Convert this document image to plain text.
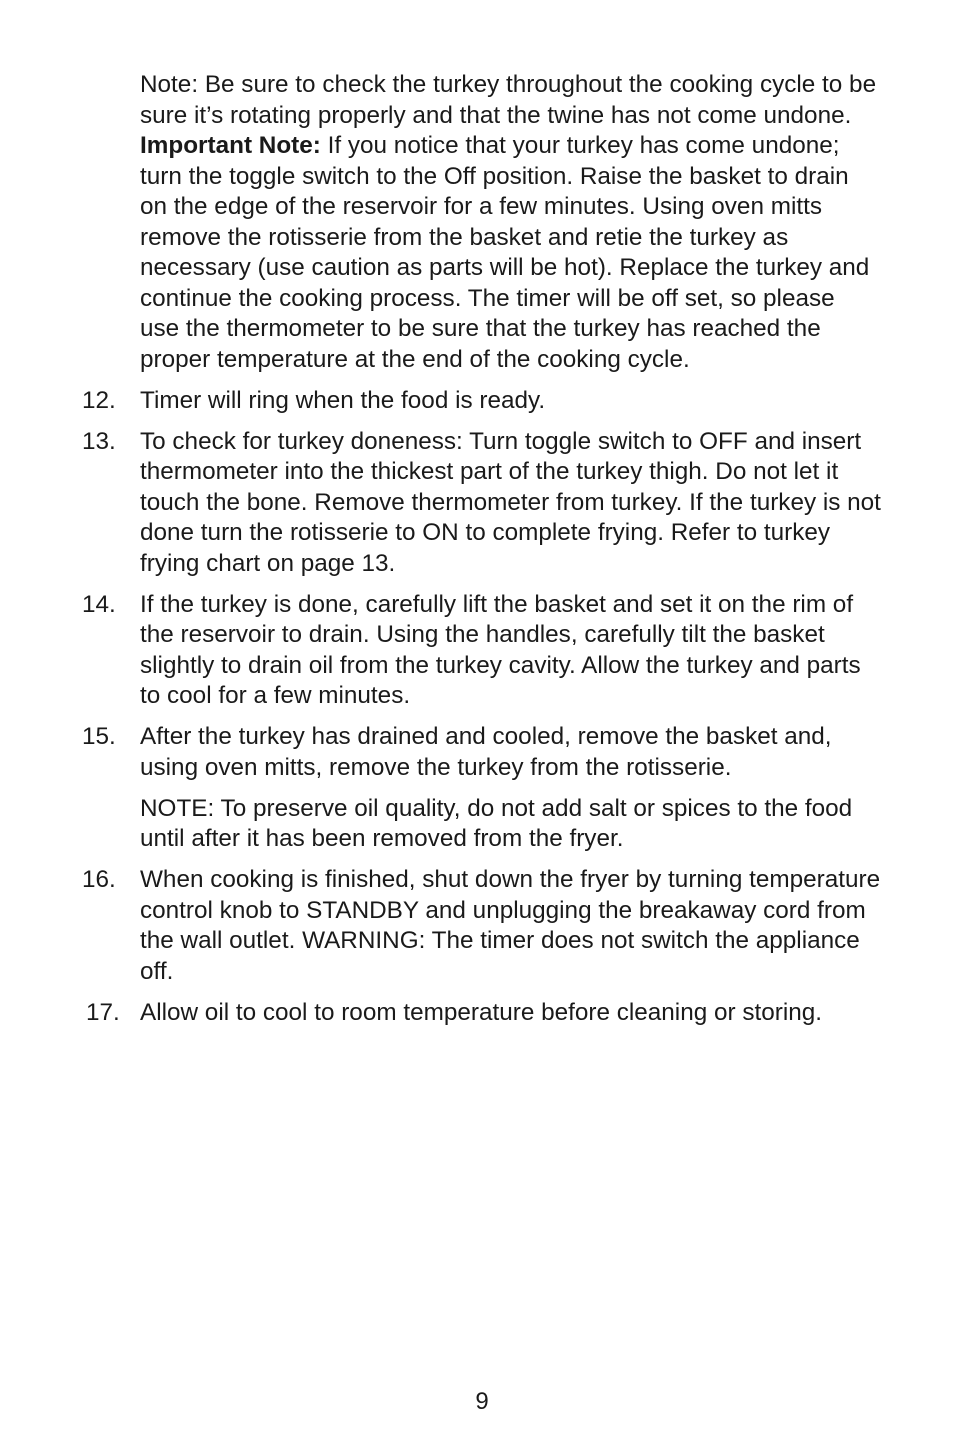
Note: Be sure to check the turkey throughout the cooking cycle to be sure it’s rotating properly and that the twine has not come undone.

Important Note: If you notice that your turkey has come undone; turn the toggle switch to the Off position. Raise the basket to drain on the edge of the reservoir for a few minutes. Using oven mitts remove the rotisserie from the basket and retie the turkey as necessary (use caution as parts will be hot). Replace the turkey and continue the cooking process. The timer will be off set, so please use the thermometer to be sure that the turkey has reached the proper temperature at the end of the cooking cycle.

12. Timer will ring when the food is ready.

13. To check for turkey doneness: Turn toggle switch to OFF and insert thermometer into the thickest part of the turkey thigh. Do not let it touch the bone. Remove thermometer from turkey. If the turkey is not done turn the rotisserie to ON to complete frying. Refer to turkey frying chart on page 13.

14. If the turkey is done, carefully lift the basket and set it on the rim of the reservoir to drain. Using the handles, carefully tilt the basket slightly to drain oil from the turkey cavity. Allow the turkey and parts to cool for a few minutes.

15. After the turkey has drained and cooled, remove the basket and, using oven mitts, remove the turkey from the rotisserie.

NOTE: To preserve oil quality, do not add salt or spices to the food until after it has been removed from the fryer.

16. When cooking is finished, shut down the fryer by turning temperature control knob to STANDBY and unplugging the breakaway cord from the wall outlet. WARNING: The timer does not switch the appliance off.

17. Allow oil to cool to room temperature before cleaning or storing.

9
